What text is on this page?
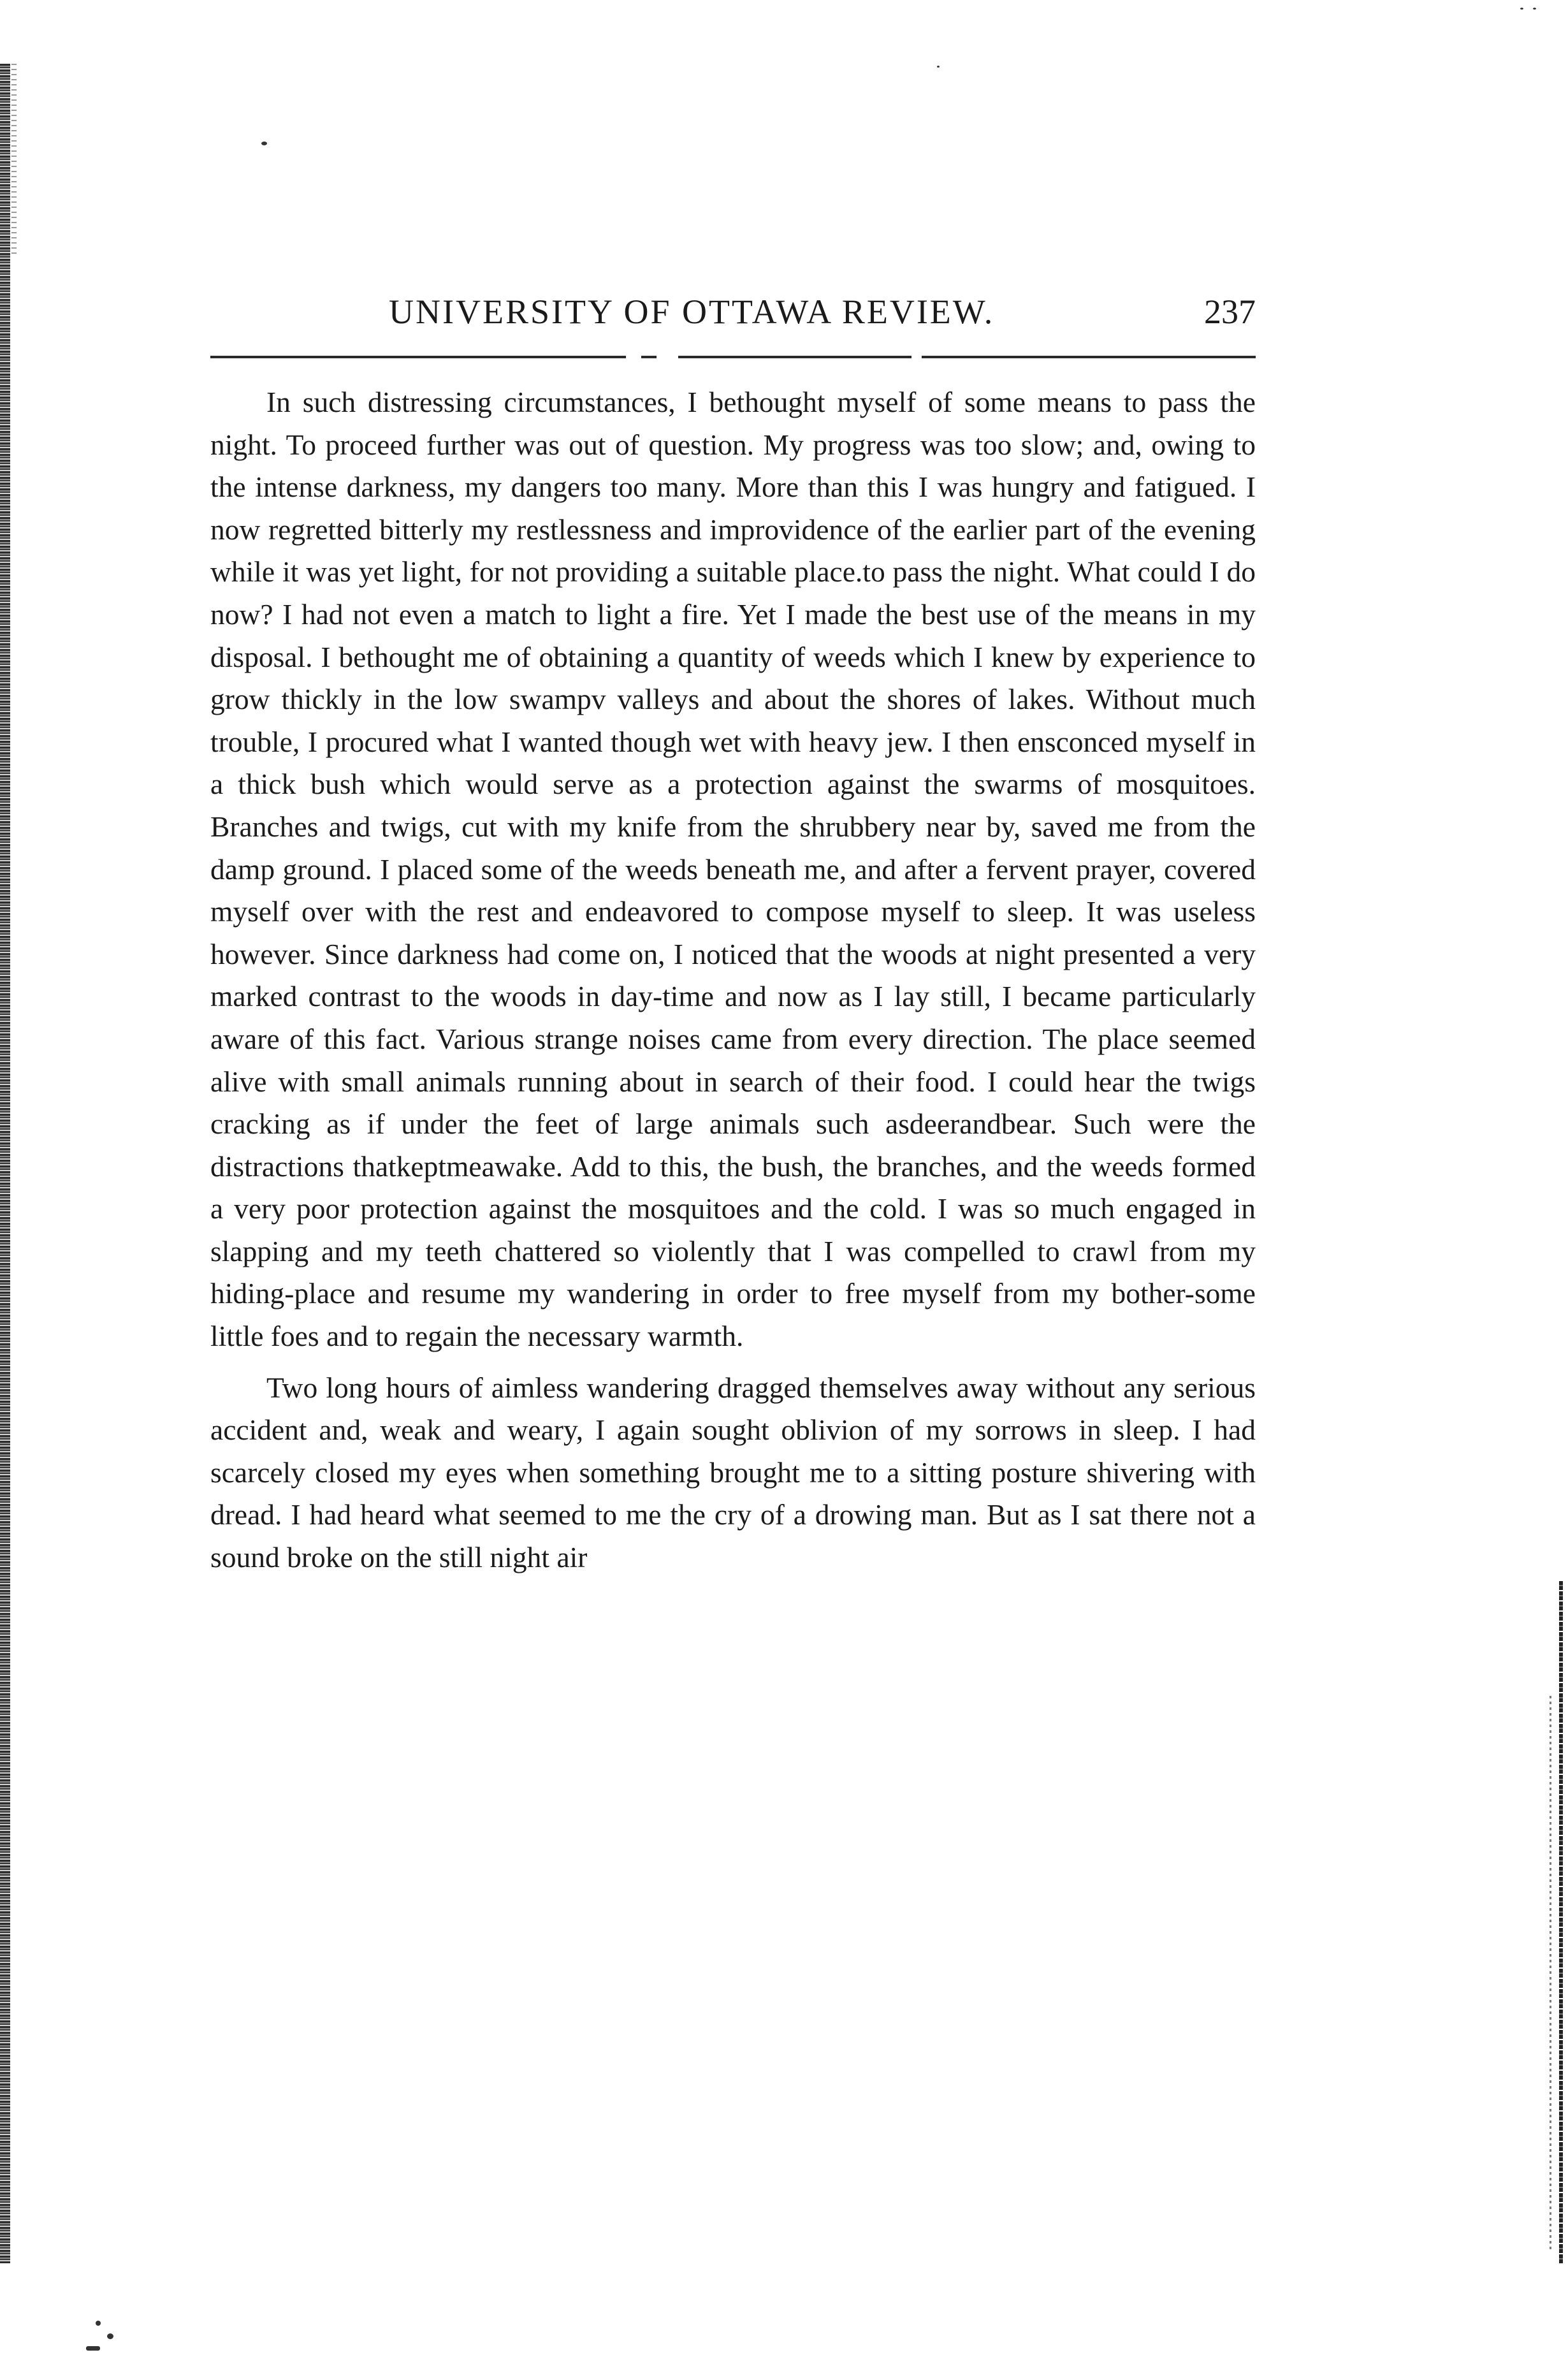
UNIVERSITY OF OTTAWA REVIEW.	237

In such distressing circumstances, I bethought myself of some means to pass the night. To proceed further was out of question. My progress was too slow; and, owing to the intense darkness, my dangers too many. More than this I was hungry and fatigued. I now regretted bitterly my restlessness and improvidence of the earlier part of the evening while it was yet light, for not providing a suitable place.to pass the night. What could I do now? I had not even a match to light a fire. Yet I made the best use of the means in my disposal. I bethought me of obtaining a quantity of weeds which I knew by experience to grow thickly in the low swampv valleys and about the shores of lakes. Without much trouble, I procured what I wanted though wet with heavy jew. I then ensconced myself in a thick bush which would serve as a protection against the swarms of mosquitoes. Branches and twigs, cut with my knife from the shrubbery near by, saved me from the damp ground. I placed some of the weeds beneath me, and after a fervent prayer, covered myself over with the rest and endeavored to compose myself to sleep. It was useless however. Since darkness had come on, I noticed that the woods at night presented a very marked contrast to the woods in day-time and now as I lay still, I became particularly aware of this fact. Various strange noises came from every direction. The place seemed alive with small animals running about in search of their food. I could hear the twigs cracking as if under the feet of large animals such asdeerandbear. Such were the distractions thatkeptmeawake. Add to this, the bush, the branches, and the weeds formed a very poor protection against the mosquitoes and the cold. I was so much engaged in slapping and my teeth chattered so violently that I was compelled to crawl from my hiding-place and resume my wandering in order to free myself from my bother-some little foes and to regain the necessary warmth.

Two long hours of aimless wandering dragged themselves away without any serious accident and, weak and weary, I again sought oblivion of my sorrows in sleep. I had scarcely closed my eyes when something brought me to a sitting posture shivering with dread. I had heard what seemed to me the cry of a drowing man. But as I sat there not a sound broke on the still night air
